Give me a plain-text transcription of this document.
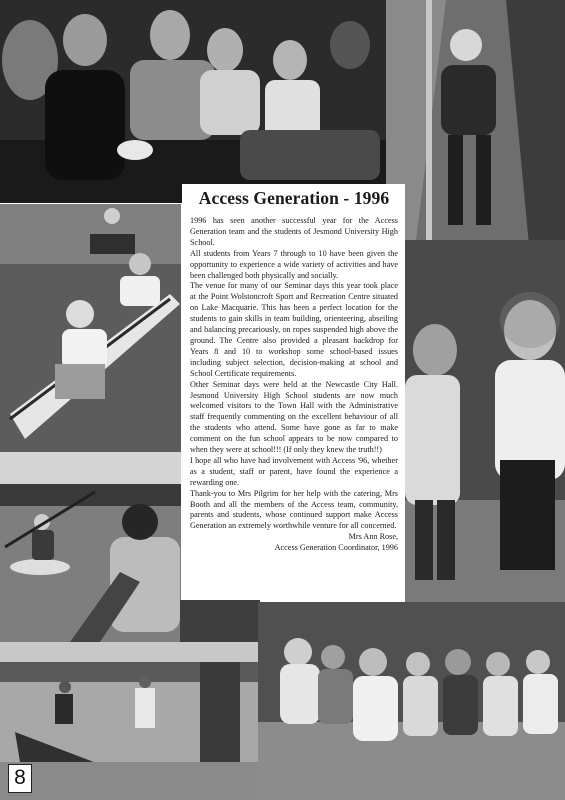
Access Generation - 1996

1996 has seen another successful year for the Access Generation team and the students of Jesmond University High School.

All students from Years 7 through to 10 have been given the opportunity to experience a wide variety of activities and have been challenged both physically and socially.

The venue for many of our Seminar days this year took place at the Point Wolstoncroft Sport and Recreation Centre situated on Lake Macquarie. This has been a perfect location for the students to gain skills in team building, orienteering, abseiling and balancing precariously, on ropes suspended high above the ground. The Centre also provided a pleasant backdrop for Years 8 and 10 to workshop some school-based issues including subject selection, decision-making at school and School Certificate requirements.

Other Seminar days were held at the Newcastle City Hall. Jesmond University High School students are now much welcomed visitors to the Town Hall with the Administrative staff frequently commenting on the excellent behaviour of all the students who attend. Some have gone as far to make comment on the fun school appears to be now compared to when they were at school!!! (If only they knew the truth!!)

I hope all who have had involvement with Access '96, whether as a student, staff or parent, have found the experience a rewarding one.

Thank-you to Mrs Pilgrim for her help with the catering, Mrs Booth and all the members of the Access team, community, parents and students, whose continued support make Access Generation an extremely worthwhile venture for all concerned.

Mrs Ann Rose,

Access Generation Coordinator, 1996

8
